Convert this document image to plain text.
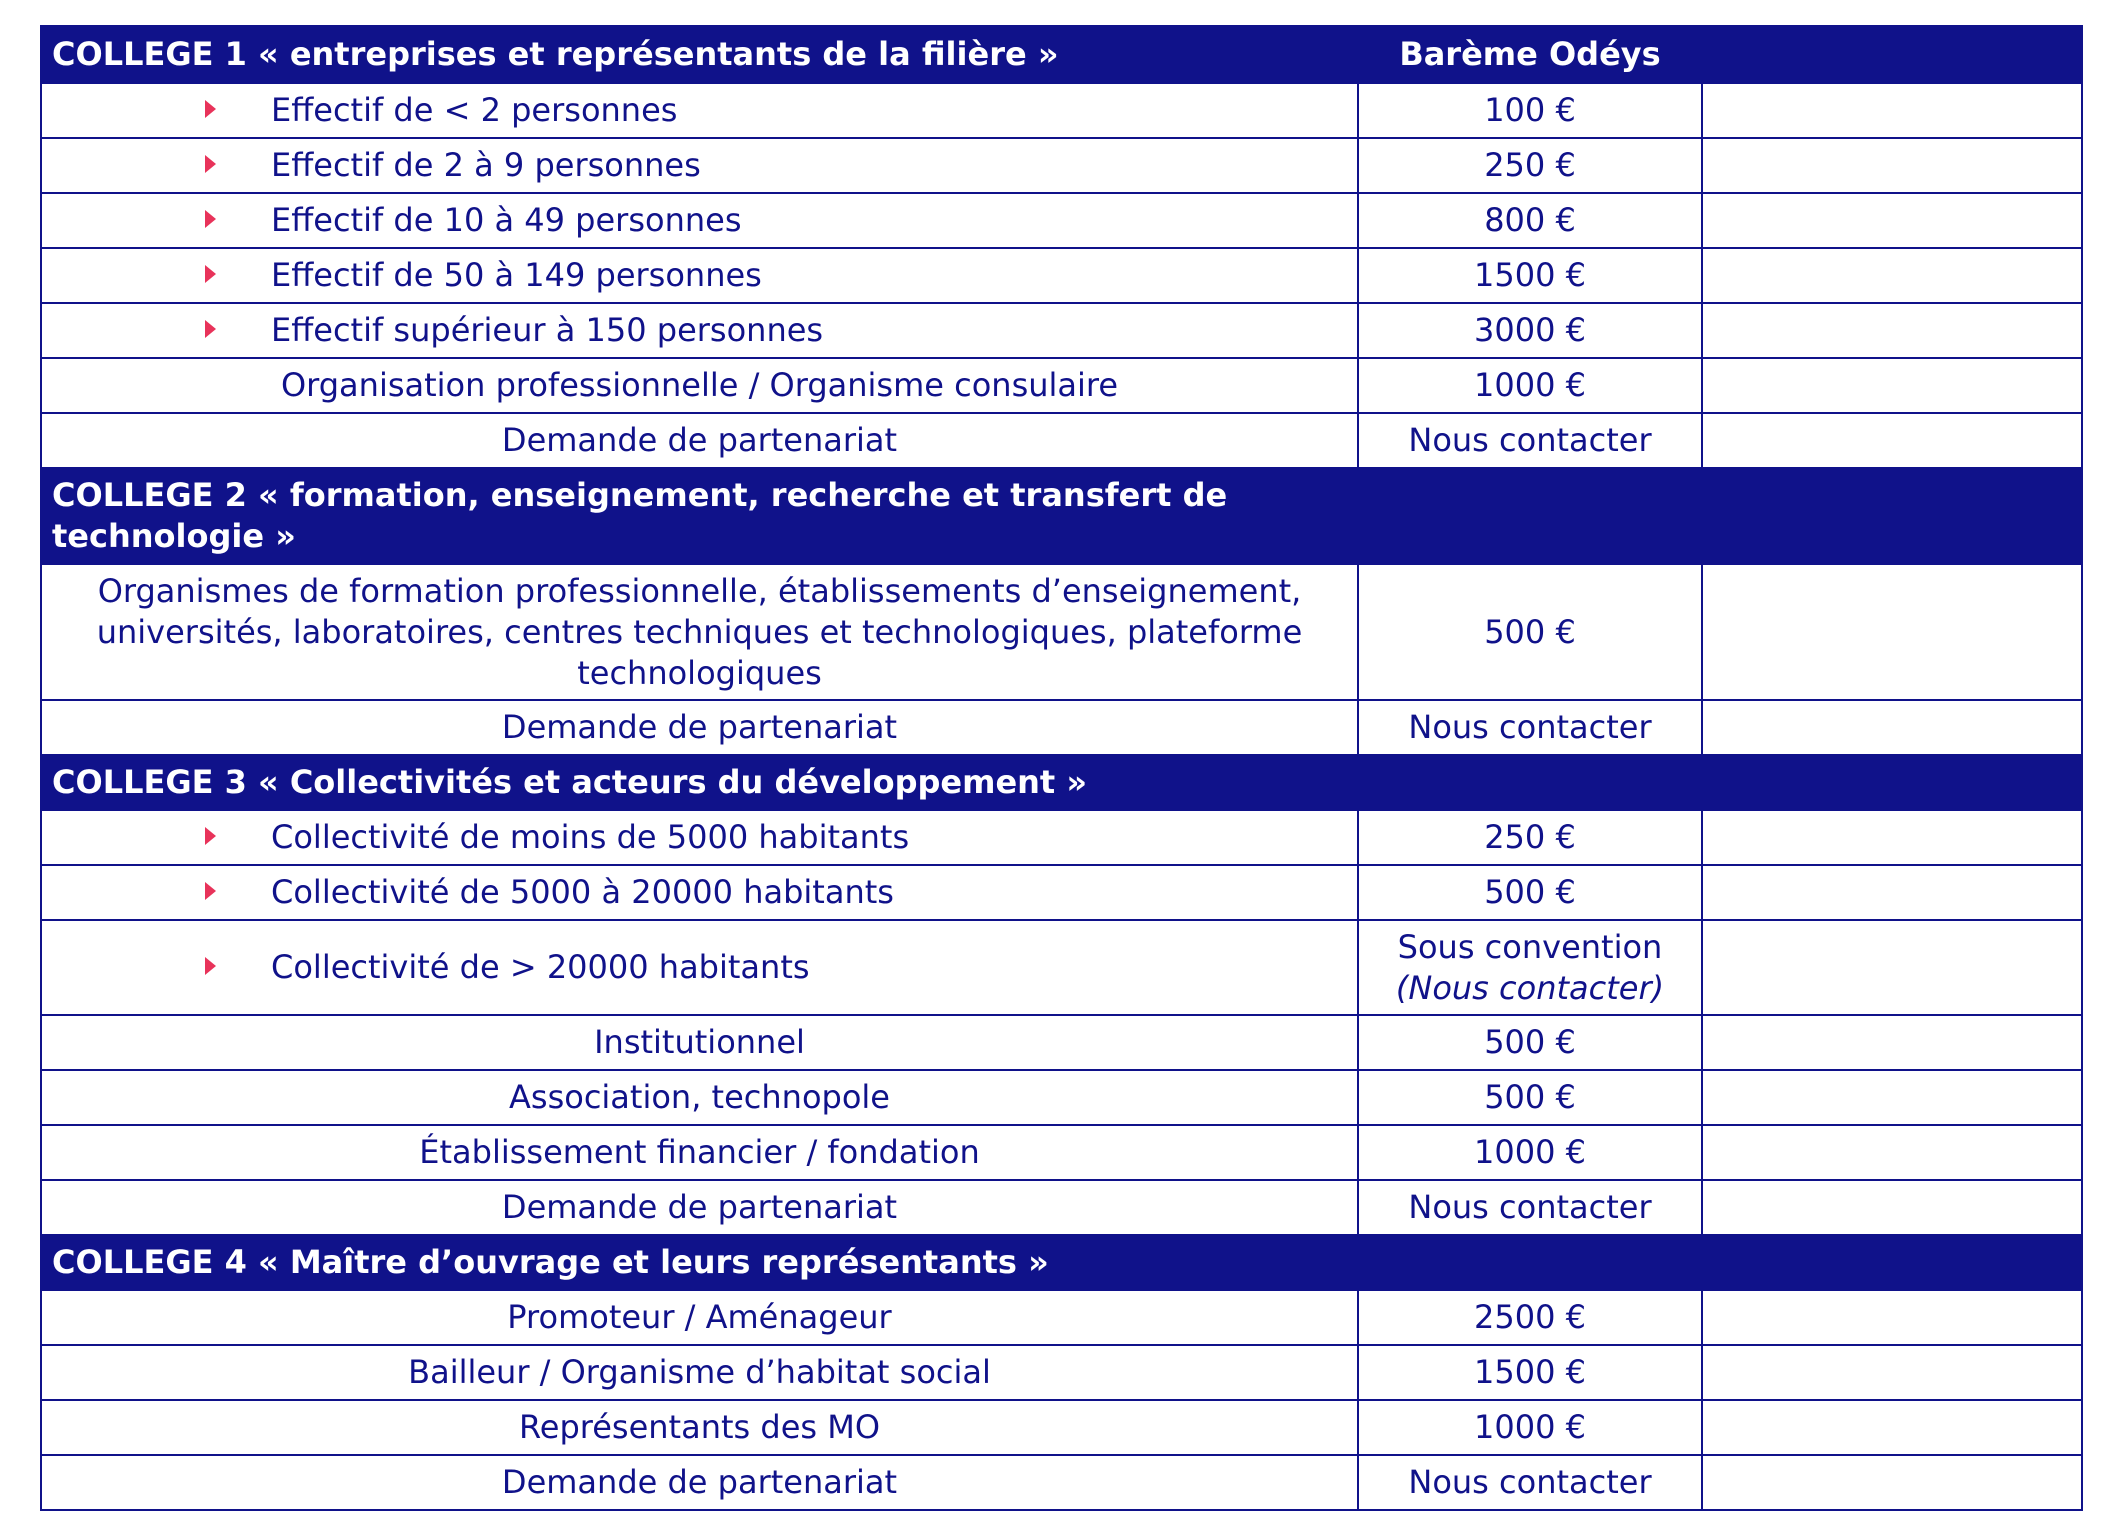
COLLEGE 1 « entreprises et représentants de la filière »	Barème Odéys	
Effectif de < 2 personnes	100 €	
Effectif de 2 à 9 personnes	250 €	
Effectif de 10 à 49 personnes	800 €	
Effectif de 50 à 149 personnes	1500 €	
Effectif supérieur à 150 personnes	3000 €	
Organisation professionnelle / Organisme consulaire	1000 €	
Demande de partenariat	Nous contacter	
COLLEGE 2 « formation, enseignement, recherche et transfert de
technologie »		
Organismes de formation professionnelle, établissements d’enseignement,
universités, laboratoires, centres techniques et technologiques, plateforme
technologiques	500 €	
Demande de partenariat	Nous contacter	
COLLEGE 3 « Collectivités et acteurs du développement »		
Collectivité de moins de 5000 habitants	250 €	
Collectivité de 5000 à 20000 habitants	500 €	
Collectivité de > 20000 habitants	Sous convention
(Nous contacter)	
Institutionnel	500 €	
Association, technopole	500 €	
Établissement financier / fondation	1000 €	
Demande de partenariat	Nous contacter	
COLLEGE 4 « Maître d’ouvrage et leurs représentants »		
Promoteur / Aménageur	2500 €	
Bailleur / Organisme d’habitat social	1500 €	
Représentants des MO	1000 €	
Demande de partenariat	Nous contacter	
